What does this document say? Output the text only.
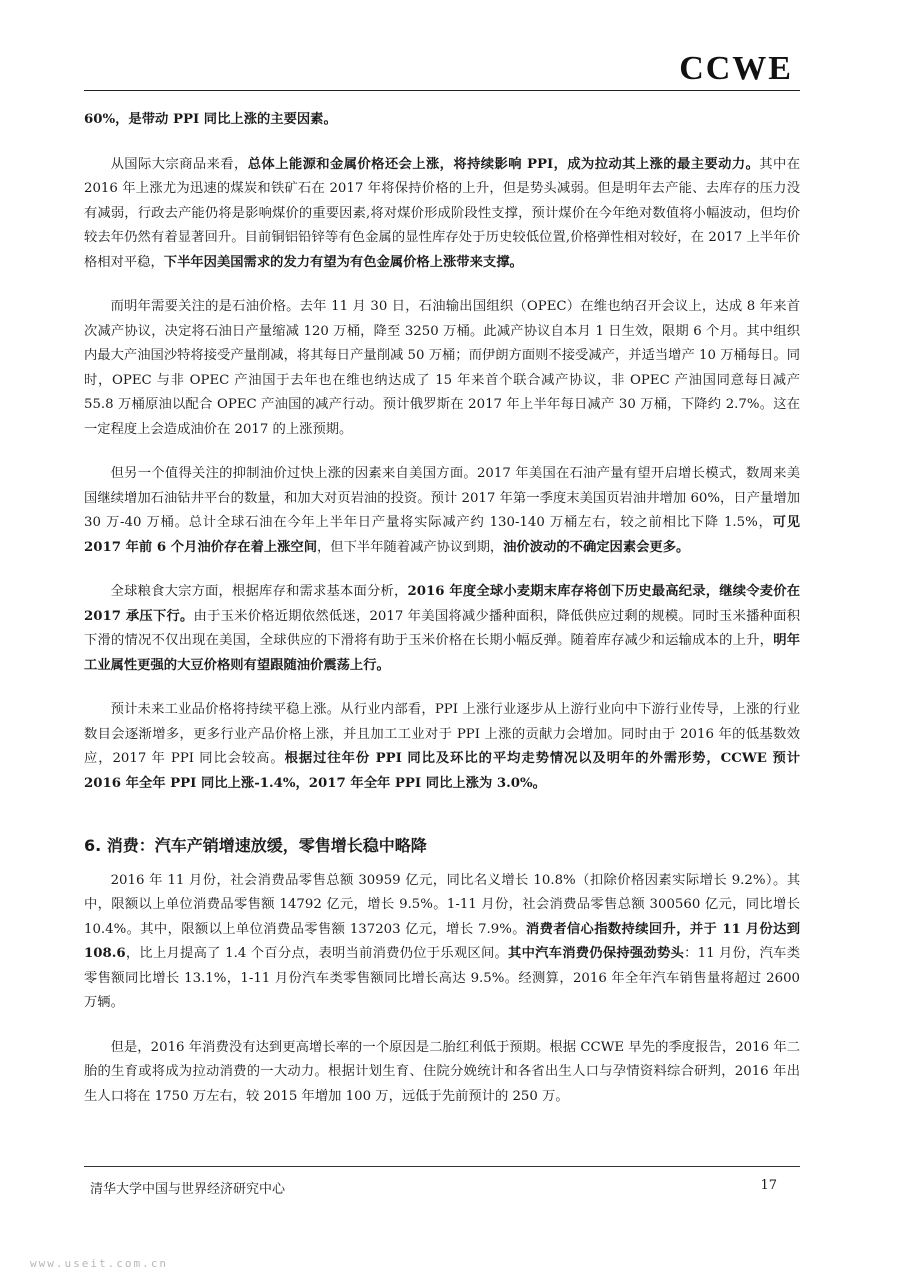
CCWE

60%，是带动 PPI 同比上涨的主要因素。

从国际大宗商品来看，总体上能源和金属价格还会上涨，将持续影响 PPI，成为拉动其上涨的最主要动力。其中在 2016 年上涨尤为迅速的煤炭和铁矿石在 2017 年将保持价格的上升，但是势头减弱。但是明年去产能、去库存的压力没有减弱，行政去产能仍将是影响煤价的重要因素,将对煤价形成阶段性支撑，预计煤价在今年绝对数值将小幅波动，但均价较去年仍然有着显著回升。目前铜铝铅锌等有色金属的显性库存处于历史较低位置,价格弹性相对较好，在 2017 上半年价格相对平稳，下半年因美国需求的发力有望为有色金属价格上涨带来支撑。

而明年需要关注的是石油价格。去年 11 月 30 日，石油输出国组织（OPEC）在维也纳召开会议上，达成 8 年来首次减产协议，决定将石油日产量缩减 120 万桶，降至 3250 万桶。此减产协议自本月 1 日生效，限期 6 个月。其中组织内最大产油国沙特将接受产量削减，将其每日产量削减 50 万桶；而伊朗方面则不接受减产，并适当增产 10 万桶每日。同时，OPEC 与非 OPEC 产油国于去年也在维也纳达成了 15 年来首个联合减产协议，非 OPEC 产油国同意每日减产 55.8 万桶原油以配合 OPEC 产油国的减产行动。预计俄罗斯在 2017 年上半年每日减产 30 万桶，下降约 2.7%。这在一定程度上会造成油价在 2017 的上涨预期。

但另一个值得关注的抑制油价过快上涨的因素来自美国方面。2017 年美国在石油产量有望开启增长模式，数周来美国继续增加石油钻井平台的数量，和加大对页岩油的投资。预计 2017 年第一季度末美国页岩油井增加 60%，日产量增加 30 万-40 万桶。总计全球石油在今年上半年日产量将实际减产约 130-140 万桶左右，较之前相比下降 1.5%，可见 2017 年前 6 个月油价存在着上涨空间，但下半年随着减产协议到期，油价波动的不确定因素会更多。

全球粮食大宗方面，根据库存和需求基本面分析，2016 年度全球小麦期末库存将创下历史最高纪录，继续令麦价在 2017 承压下行。由于玉米价格近期依然低迷，2017 年美国将减少播种面积，降低供应过剩的规模。同时玉米播种面积下滑的情况不仅出现在美国，全球供应的下滑将有助于玉米价格在长期小幅反弹。随着库存减少和运输成本的上升，明年工业属性更强的大豆价格则有望跟随油价震荡上行。

预计未来工业品价格将持续平稳上涨。从行业内部看，PPI 上涨行业逐步从上游行业向中下游行业传导，上涨的行业数目会逐渐增多，更多行业产品价格上涨，并且加工工业对于 PPI 上涨的贡献力会增加。同时由于 2016 年的低基数效应，2017 年 PPI 同比会较高。根据过往年份 PPI 同比及环比的平均走势情况以及明年的外需形势，CCWE 预计 2016 年全年 PPI 同比上涨-1.4%，2017 年全年 PPI 同比上涨为 3.0%。

6. 消费：汽车产销增速放缓，零售增长稳中略降

2016 年 11 月份，社会消费品零售总额 30959 亿元，同比名义增长 10.8%（扣除价格因素实际增长 9.2%）。其中，限额以上单位消费品零售额 14792 亿元，增长 9.5%。1-11 月份，社会消费品零售总额 300560 亿元，同比增长 10.4%。其中，限额以上单位消费品零售额 137203 亿元，增长 7.9%。消费者信心指数持续回升，并于 11 月份达到 108.6，比上月提高了 1.4 个百分点，表明当前消费仍位于乐观区间。其中汽车消费仍保持强劲势头：11 月份，汽车类零售额同比增长 13.1%，1-11 月份汽车类零售额同比增长高达 9.5%。经测算，2016 年全年汽车销售量将超过 2600 万辆。

但是，2016 年消费没有达到更高增长率的一个原因是二胎红利低于预期。根据 CCWE 早先的季度报告，2016 年二胎的生育或将成为拉动消费的一大动力。根据计划生育、住院分娩统计和各省出生人口与孕情资料综合研判，2016 年出生人口将在 1750 万左右，较 2015 年增加 100 万，远低于先前预计的 250 万。

清华大学中国与世界经济研究中心	17
www.useit.com.cn
